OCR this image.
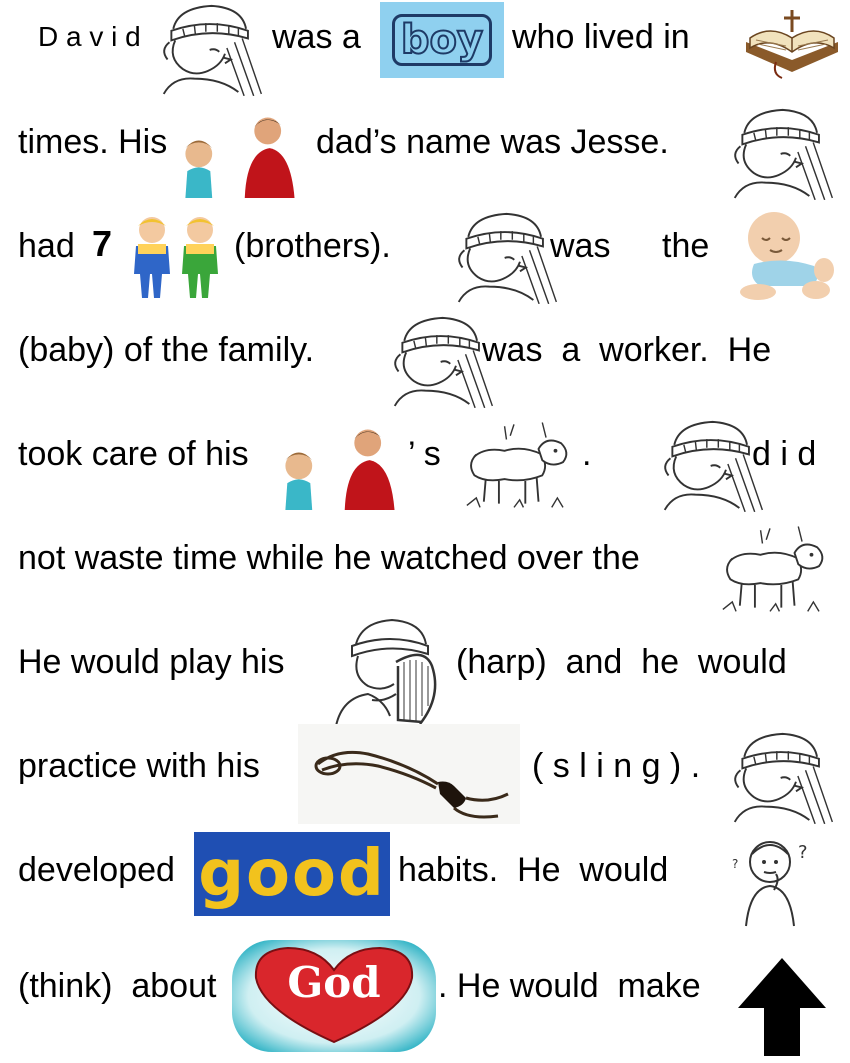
D a v i d	was a boy who lived in
times. His	dad’s name was Jesse.
had 7	(brothers).	was the
(baby) of the family.	was  a  worker.  He
took care of his	’ s	.	d i d
not waste time while he watched over the
He would play his	(harp)  and  he  would
practice with his	( s l i n g ) .
developed good habits.  He  would	?
?
(think)  about	God	. He would  make
